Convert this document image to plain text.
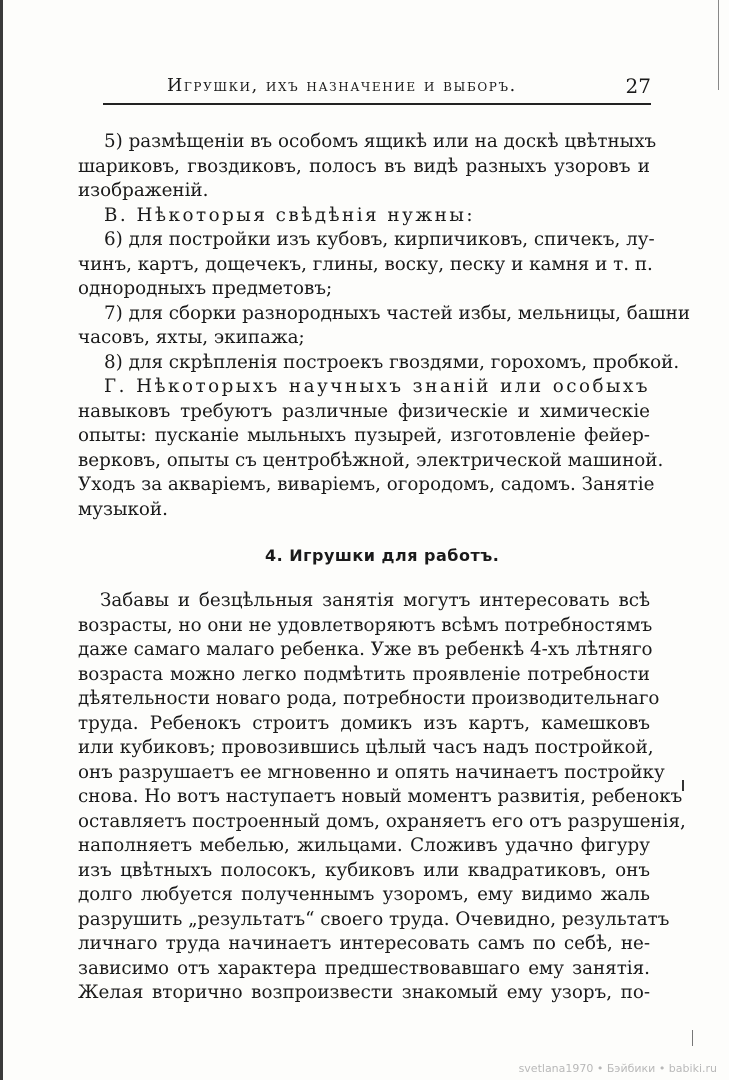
Игрушки, ихъ назначение и выборъ.	27
5) размѣщеніи въ особомъ ящикѣ или на доскѣ цвѣтныхъ
шариковъ, гвоздиковъ, полосъ въ видѣ разныхъ узоровъ и
изображеній.
В. Нѣкоторыя свѣдѣнія нужны:
6) для постройки изъ кубовъ, кирпичиковъ, спичекъ, лу-
чинъ, картъ, дощечекъ, глины, воску, песку и камня и т. п.
однородныхъ предметовъ;
7) для сборки разнородныхъ частей избы, мельницы, башни
часовъ, яхты, экипажа;
8) для скрѣпленія построекъ гвоздями, горохомъ, пробкой.
Г. Нѣкоторыхъ научныхъ знаній или особыхъ
навыковъ требуютъ различные физическіе и химическіе
опыты: пусканіе мыльныхъ пузырей, изготовленіе фейер-
верковъ, опыты съ центробѣжной, электрической машиной.
Уходъ за акваріемъ, виваріемъ, огородомъ, садомъ. Занятіе
музыкой.
4. Игрушки для работъ.
Забавы и безцѣльныя занятія могутъ интересовать всѣ
возрасты, но они не удовлетворяютъ всѣмъ потребностямъ
даже самаго малаго ребенка. Уже въ ребенкѣ 4-хъ лѣтняго
возраста можно легко подмѣтить проявленіе потребности
дѣятельности новаго рода, потребности производительнаго
труда. Ребенокъ строитъ домикъ изъ картъ, камешковъ
или кубиковъ; провозившись цѣлый часъ надъ постройкой,
онъ разрушаетъ ее мгновенно и опять начинаетъ постройку
снова. Но вотъ наступаетъ новый моментъ развитія, ребенокъ
оставляетъ построенный домъ, охраняетъ его отъ разрушенія,
наполняетъ мебелью, жильцами. Сложивъ удачно фигуру
изъ цвѣтныхъ полосокъ, кубиковъ или квадратиковъ, онъ
долго любуется полученнымъ узоромъ, ему видимо жаль
разрушить „результатъ“ своего труда. Очевидно, результатъ
личнаго труда начинаетъ интересовать самъ по себѣ, не-
зависимо отъ характера предшествовавшаго ему занятія.
Желая вторично возпроизвести знакомый ему узоръ, по-
svetlana1970 • Бэйбики • babiki.ru
